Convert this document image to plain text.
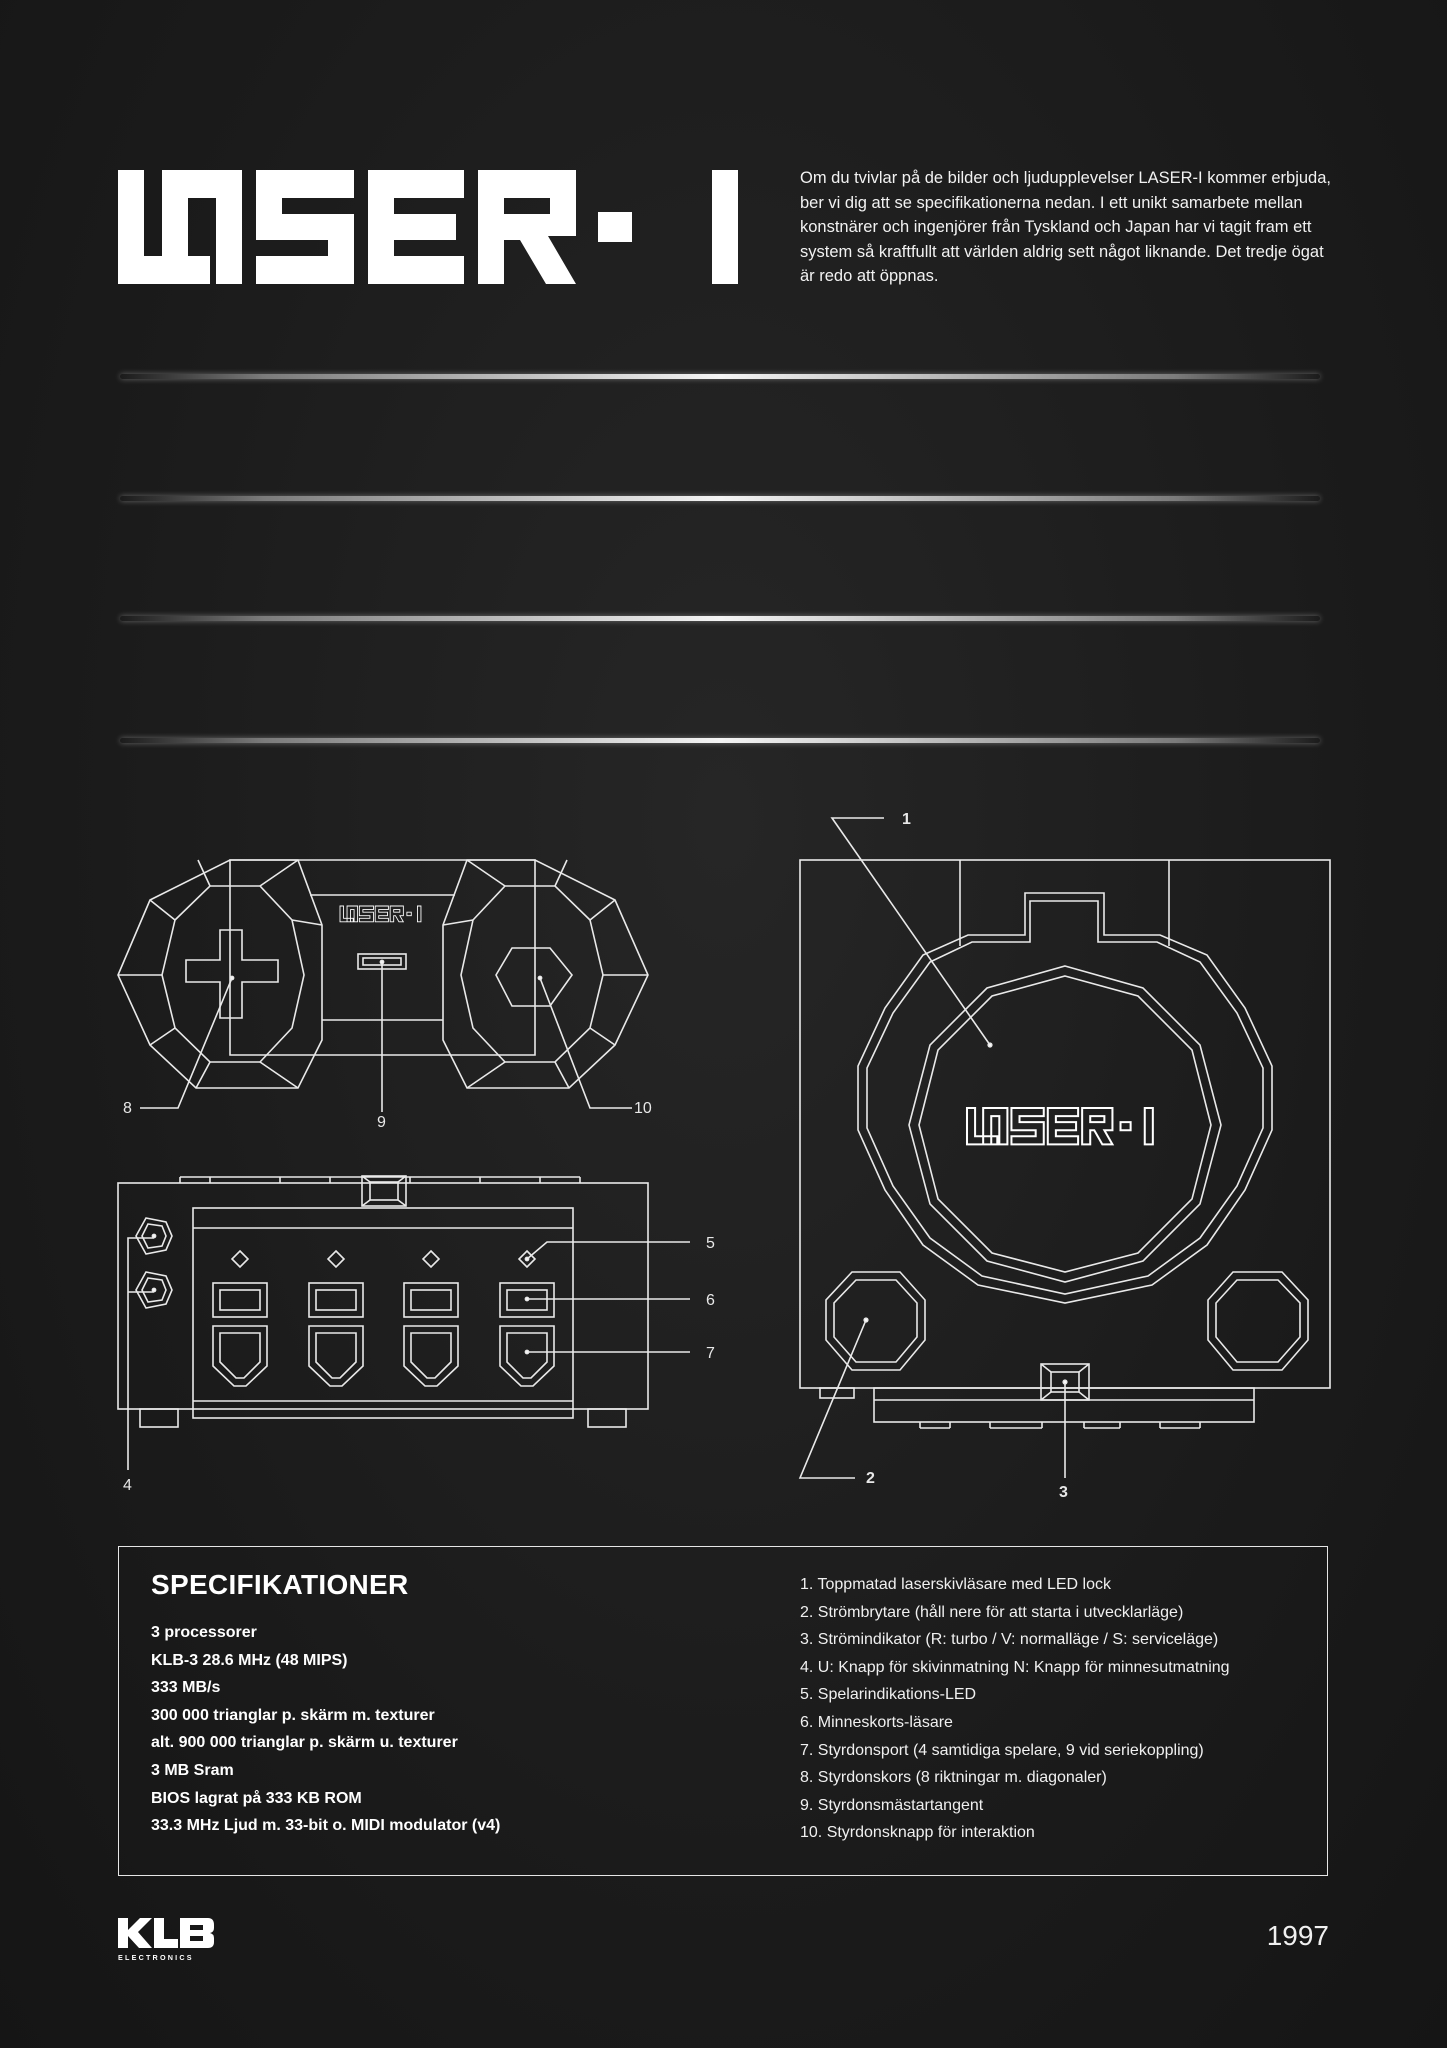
Om du tvivlar på de bilder och ljudupplevelser LASER-I kommer erbjuda, ber vi dig att se specifikationerna nedan. I ett unikt samarbete mellan konstnärer och ingenjörer från Tyskland och Japan har vi tagit fram ett system så kraftfullt att världen aldrig sett något liknande. Det tredje ögat är redo att öppnas.

8
9
10
4
5
6
7
1
2
3
SPECIFIKATIONER
3 processorer
KLB-3 28.6 MHz (48 MIPS)
333 MB/s
300 000 trianglar p. skärm m. texturer
alt. 900 000 trianglar p. skärm u. texturer
3 MB Sram
BIOS lagrat på 333 KB ROM
33.3 MHz Ljud m. 33-bit o. MIDI modulator (v4)
1. Toppmatad laserskivläsare med LED lock
2. Strömbrytare (håll nere för att starta i utvecklarläge)
3. Strömindikator (R: turbo / V: normalläge / S: serviceläge)
4. U: Knapp för skivinmatning N: Knapp för minnesutmatning
5. Spelarindikations-LED
6. Minneskorts-läsare
7. Styrdonsport (4 samtidiga spelare, 9 vid seriekoppling)
8. Styrdonskors (8 riktningar m. diagonaler)
9. Styrdonsmästartangent
10. Styrdonsknapp för interaktion
ELECTRONICS

1997
